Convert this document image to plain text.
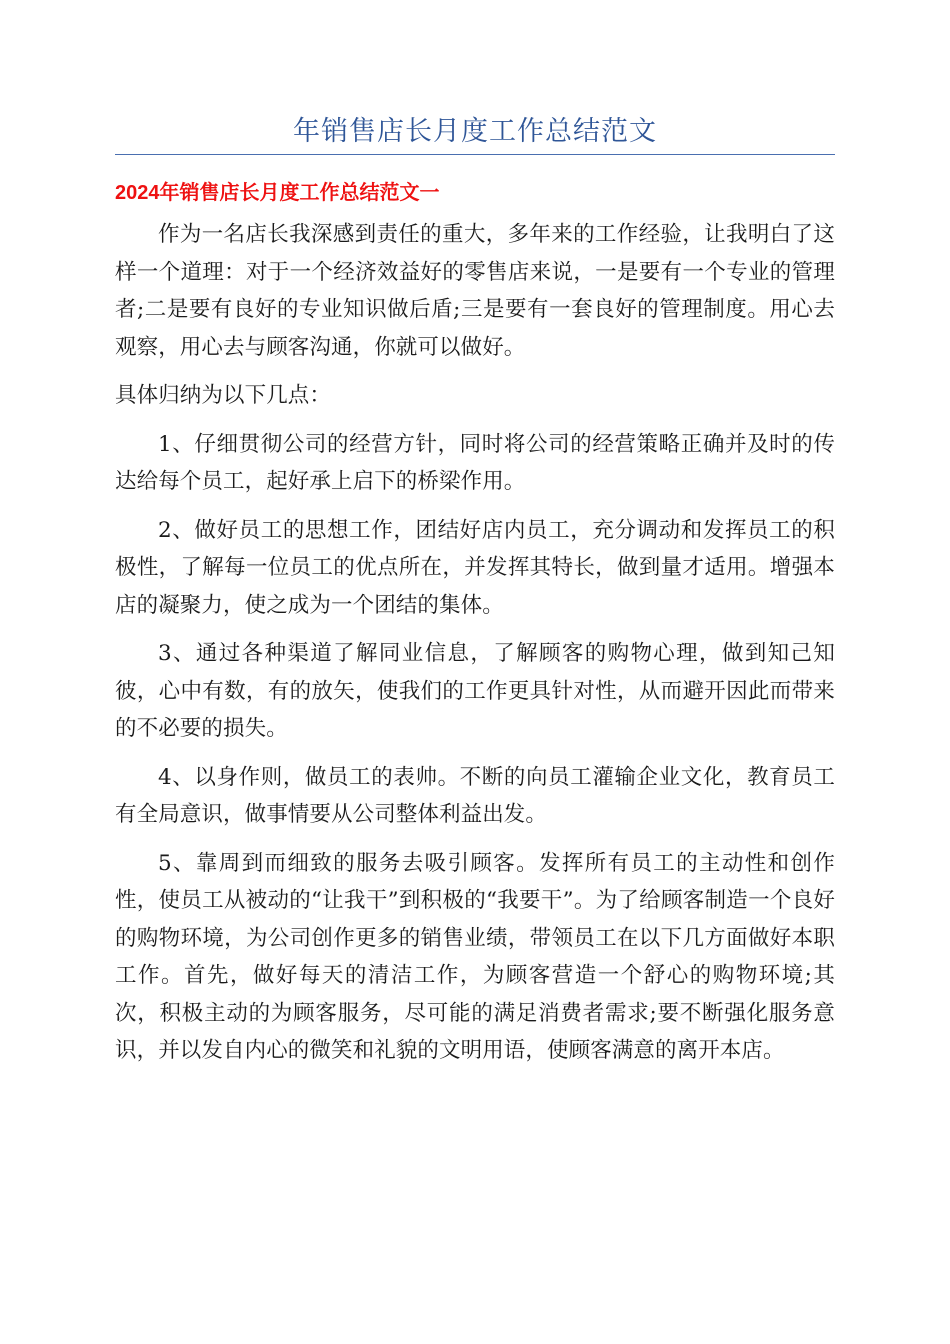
年销售店长月度工作总结范文
2024年销售店长月度工作总结范文一

作为一名店长我深感到责任的重大，多年来的工作经验，让我明白了这样一个道理：对于一个经济效益好的零售店来说，一是要有一个专业的管理者;二是要有良好的专业知识做后盾;三是要有一套良好的管理制度。用心去观察，用心去与顾客沟通，你就可以做好。

具体归纳为以下几点：

1、仔细贯彻公司的经营方针，同时将公司的经营策略正确并及时的传达给每个员工，起好承上启下的桥梁作用。

2、做好员工的思想工作，团结好店内员工，充分调动和发挥员工的积极性，了解每一位员工的优点所在，并发挥其特长，做到量才适用。增强本店的凝聚力，使之成为一个团结的集体。

3、通过各种渠道了解同业信息，了解顾客的购物心理，做到知己知彼，心中有数，有的放矢，使我们的工作更具针对性，从而避开因此而带来的不必要的损失。

4、以身作则，做员工的表帅。不断的向员工灌输企业文化，教育员工有全局意识，做事情要从公司整体利益出发。

5、靠周到而细致的服务去吸引顾客。发挥所有员工的主动性和创作性，使员工从被动的“让我干”到积极的“我要干”。为了给顾客制造一个良好的购物环境，为公司创作更多的销售业绩，带领员工在以下几方面做好本职工作。首先，做好每天的清洁工作，为顾客营造一个舒心的购物环境;其次，积极主动的为顾客服务，尽可能的满足消费者需求;要不断强化服务意识，并以发自内心的微笑和礼貌的文明用语，使顾客满意的离开本店。
